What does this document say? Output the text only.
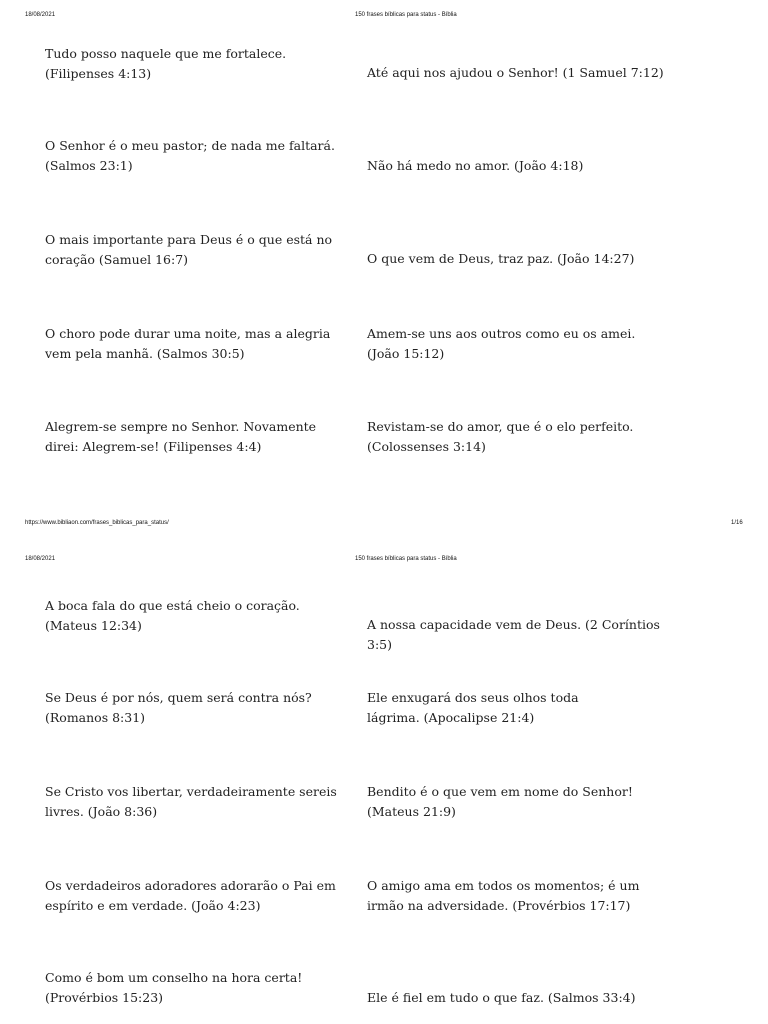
18/08/2021	150 frases bíblicas para status - Bíblia
Tudo posso naquele que me fortalece. (Filipenses 4:13)
O Senhor é o meu pastor; de nada me faltará. (Salmos 23:1)
O mais importante para Deus é o que está no coração (Samuel 16:7)
O choro pode durar uma noite, mas a alegria vem pela manhã. (Salmos 30:5)
Alegrem-se sempre no Senhor. Novamente direi: Alegrem-se! (Filipenses 4:4)
Até aqui nos ajudou o Senhor! (1 Samuel 7:12)
Não há medo no amor. (João 4:18)
O que vem de Deus, traz paz. (João 14:27)
Amem-se uns aos outros como eu os amei. (João 15:12)
Revistam-se do amor, que é o elo perfeito. (Colossenses 3:14)
https://www.bibliaon.com/frases_biblicas_para_status/	1/16
18/08/2021	150 frases bíblicas para status - Bíblia
A boca fala do que está cheio o coração.
(Mateus 12:34)
Se Deus é por nós, quem será contra nós? (Romanos 8:31)
Se Cristo vos libertar, verdadeiramente sereis livres. (João 8:36)
Os verdadeiros adoradores adorarão o Pai em espírito e em verdade. (João 4:23)
Como é bom um conselho na hora certa! (Provérbios 15:23)
A nossa capacidade vem de Deus. (2 Coríntios 3:5)
Ele enxugará dos seus olhos toda
lágrima. (Apocalipse 21:4)
Bendito é o que vem em nome do Senhor!
(Mateus 21:9)
O amigo ama em todos os momentos; é um irmão na adversidade. (Provérbios 17:17)
Ele é fiel em tudo o que faz. (Salmos 33:4)
